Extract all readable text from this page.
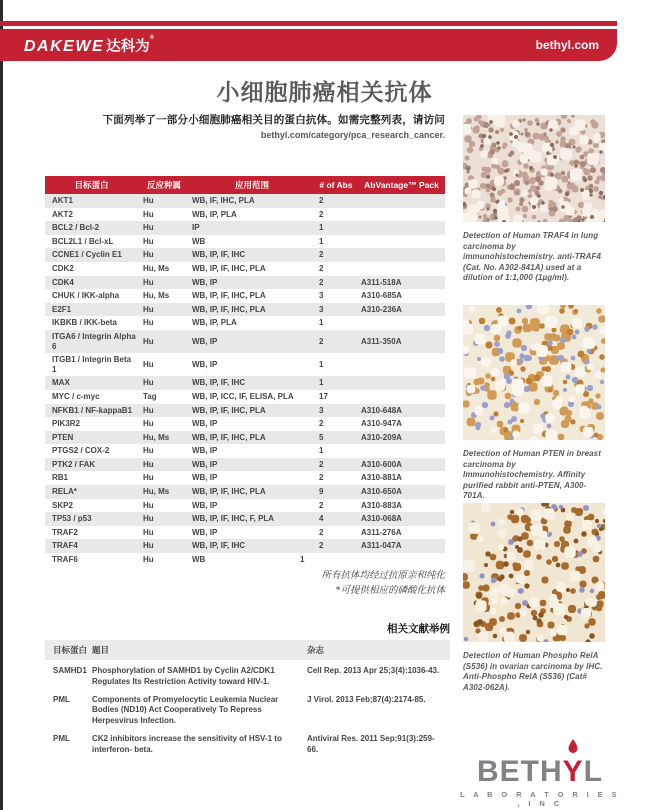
DAKEWE 达科为®
bethyl.com
小细胞肺癌相关抗体
下面列举了一部分小细胞肺癌相关目的蛋白抗体。如需完整列表，请访问
bethyl.com/category/pca_research_cancer.
目标蛋白	反应种属	应用范围	# of Abs	AbVantage™ Pack
AKT1	Hu	WB, IF, IHC, PLA	2	
AKT2	Hu	WB, IP, PLA	2	
BCL2 / Bcl-2	Hu	IP	1	
BCL2L1 / Bcl-xL	Hu	WB	1	
CCNE1 / Cyclin E1	Hu	WB, IP, IF, IHC	2	
CDK2	Hu, Ms	WB, IP, IF, IHC, PLA	2	
CDK4	Hu	WB, IP	2	A311-518A
CHUK / IKK-alpha	Hu, Ms	WB, IP, IF, IHC, PLA	3	A310-685A
E2F1	Hu	WB, IP, IF, IHC, PLA	3	A310-236A
IKBKB / IKK-beta	Hu	WB, IP, PLA	1	
ITGA6 / Integrin Alpha 6	Hu	WB, IP	2	A311-350A
ITGB1 / Integrin Beta 1	Hu	WB, IP	1	
MAX	Hu	WB, IP, IF, IHC	1	
MYC / c-myc	Tag	WB, IP, ICC, IF, ELISA, PLA	17	
NFKB1 / NF-kappaB1	Hu	WB, IP, IF, IHC, PLA	3	A310-648A
PIK3R2	Hu	WB, IP	2	A310-947A
PTEN	Hu, Ms	WB, IP, IF, IHC, PLA	5	A310-209A
PTGS2 / COX-2	Hu	WB, IP	1	
PTK2 / FAK	Hu	WB, IP	2	A310-600A
RB1	Hu	WB, IP	2	A310-881A
RELA*	Hu, Ms	WB, IP, IF, IHC, PLA	9	A310-650A
SKP2	Hu	WB, IP	2	A310-883A
TP53 / p53	Hu	WB, IP, IF, IHC, F, PLA	4	A310-068A
TRAF2	Hu	WB, IP	2	A311-276A
TRAF4	Hu	WB, IP, IF, IHC	2	A311-047A
TRAF6	Hu	WB	1	
所有抗体均经过抗原亲和纯化
*可提供相应的磷酸化抗体
相关文献举例
目标蛋白	题目	杂志
SAMHD1	Phosphorylation of SAMHD1 by Cyclin A2/CDK1 Regulates Its Restriction Activity toward HIV-1.	Cell Rep. 2013 Apr 25;3(4):1036-43.
PML	Components of Promyelocytic Leukemia Nuclear Bodies (ND10) Act Cooperatively To Repress Herpesvirus Infection.	J Virol. 2013 Feb;87(4):2174-85.
PML	CK2 inhibitors increase the sensitivity of HSV-1 to interferon- beta.	Antiviral Res. 2011 Sep;91(3):259-66.
Detection of Human TRAF4 in lung carcinoma by immunohistochemistry. anti-TRAF4 (Cat. No. A302-841A) used at a dilution of 1:1,000 (1µg/ml).
Detection of Human PTEN in breast carcinoma by Immunohistochemistry. Affinity purified rabbit anti-PTEN, A300-701A.
Detection of Human Phospho RelA (S536) in ovarian carcinoma by IHC. Anti-Phospho RelA (S536) (Cat# A302-062A).
BETH
YL
L A B O R A T O R I E S , I N C
